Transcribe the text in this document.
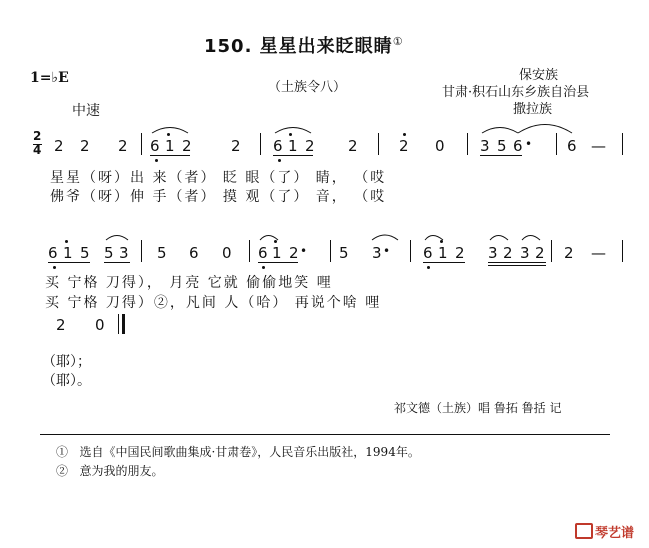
150. 星星出来眨眼睛①
1=♭E
（土族令八）
保安族
甘肃·积石山东乡族自治县
撒拉族
中速
2
4 2 2 2 6 1 2	2 6 1 2 2	2 0 3 5 6 • 6 —
星星（呀）出 来（者） 眨 眼（了） 睛， （哎
佛爷（呀）伸 手（者） 摸 观（了） 音， （哎
6 1 5 5 3 5 6 0 6 1 2 • 5 3 • 6 1 2 3 2 3 2 2 —
买 宁格 刀得）， 月亮 它就 偷偷地笑 哩
买 宁格 刀得）②，凡间 人（哈） 再说个啥 哩
2 0
（耶）；
（耶）。
祁文德（土族）唱 鲁拓 鲁括 记
① 选自《中国民间歌曲集成·甘肃卷》，人民音乐出版社，1994年。
② 意为我的朋友。
琴艺谱
